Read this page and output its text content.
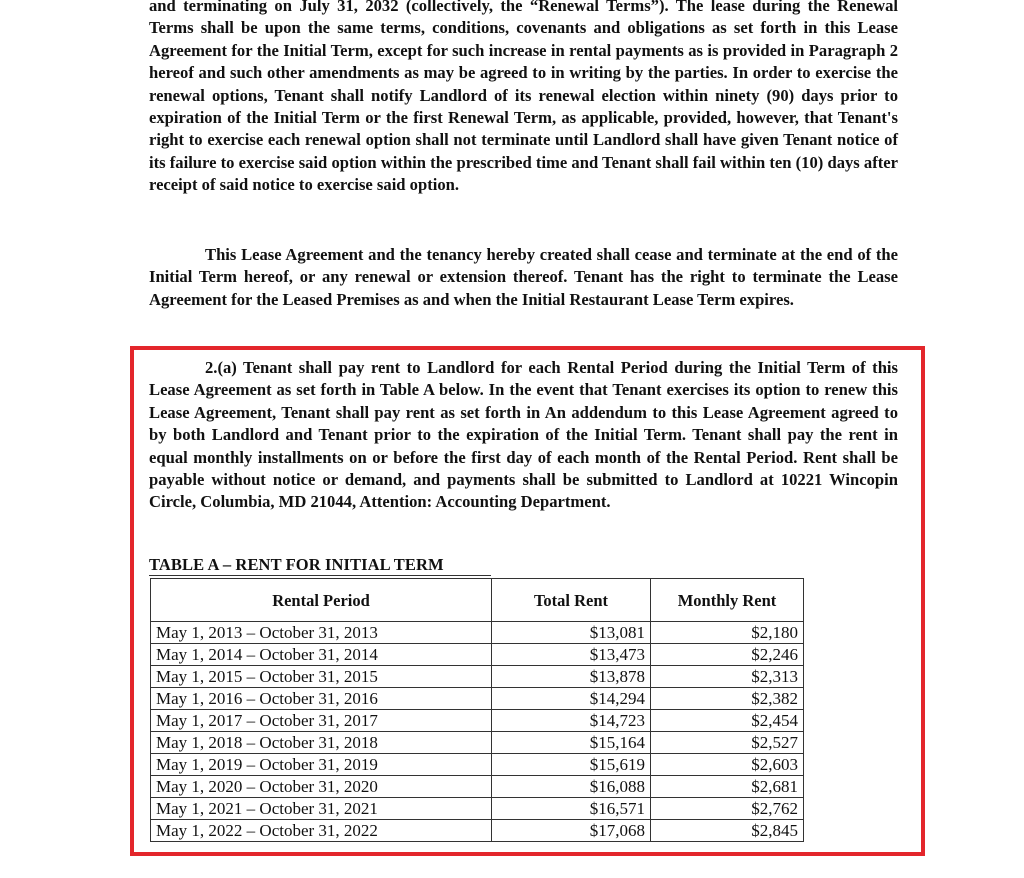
and terminating on July 31, 2032 (collectively, the “Renewal Terms”). The lease during the Renewal Terms shall be upon the same terms, conditions, covenants and obligations as set forth in this Lease Agreement for the Initial Term, except for such increase in rental payments as is provided in Paragraph 2 hereof and such other amendments as may be agreed to in writing by the parties. In order to exercise the renewal options, Tenant shall notify Landlord of its renewal election within ninety (90) days prior to expiration of the Initial Term or the first Renewal Term, as applicable, provided, however, that Tenant's right to exercise each renewal option shall not terminate until Landlord shall have given Tenant notice of its failure to exercise said option within the prescribed time and Tenant shall fail within ten (10) days after receipt of said notice to exercise said option.

This Lease Agreement and the tenancy hereby created shall cease and terminate at the end of the Initial Term hereof, or any renewal or extension thereof. Tenant has the right to terminate the Lease Agreement for the Leased Premises as and when the Initial Restaurant Lease Term expires.

2.(a) Tenant shall pay rent to Landlord for each Rental Period during the Initial Term of this Lease Agreement as set forth in Table A below. In the event that Tenant exercises its option to renew this Lease Agreement, Tenant shall pay rent as set forth in An addendum to this Lease Agreement agreed to by both Landlord and Tenant prior to the expiration of the Initial Term. Tenant shall pay the rent in equal monthly installments on or before the first day of each month of the Rental Period. Rent shall be payable without notice or demand, and payments shall be submitted to Landlord at 10221 Wincopin Circle, Columbia, MD 21044, Attention: Accounting Department.

TABLE A – RENT FOR INITIAL TERM

Rental Period	Total Rent	Monthly Rent
May 1, 2013 – October 31, 2013	$13,081	$2,180
May 1, 2014 – October 31, 2014	$13,473	$2,246
May 1, 2015 – October 31, 2015	$13,878	$2,313
May 1, 2016 – October 31, 2016	$14,294	$2,382
May 1, 2017 – October 31, 2017	$14,723	$2,454
May 1, 2018 – October 31, 2018	$15,164	$2,527
May 1, 2019 – October 31, 2019	$15,619	$2,603
May 1, 2020 – October 31, 2020	$16,088	$2,681
May 1, 2021 – October 31, 2021	$16,571	$2,762
May 1, 2022 – October 31, 2022	$17,068	$2,845
